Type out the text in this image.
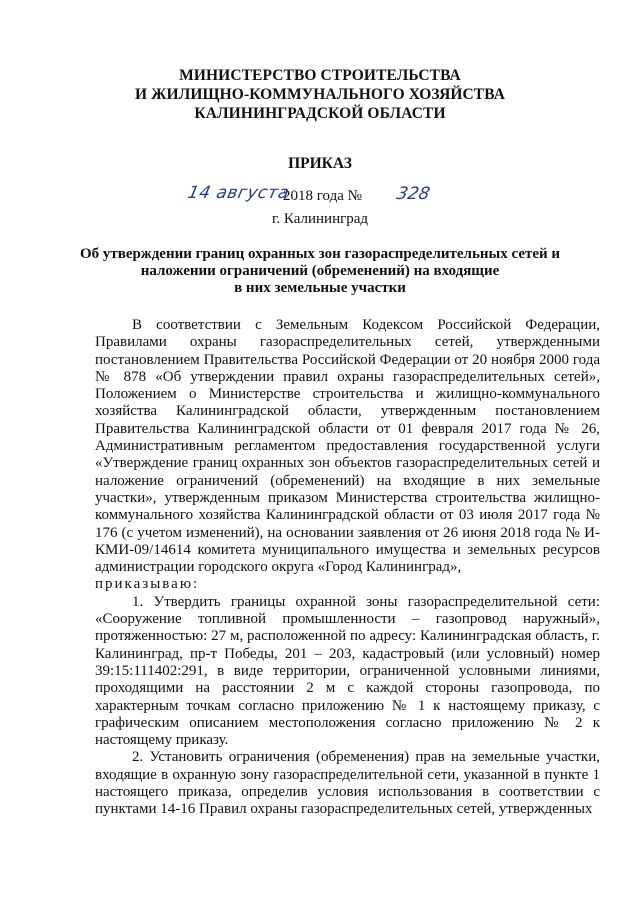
МИНИСТЕРСТВО СТРОИТЕЛЬСТВА
И ЖИЛИЩНО-КОММУНАЛЬНОГО ХОЗЯЙСТВА
КАЛИНИНГРАДСКОЙ ОБЛАСТИ
ПРИКАЗ
14 августа
2018 года № 328
г. Калининград
Об утверждении границ охранных зон газораспределительных сетей и
наложении ограничений (обременений) на входящие
в них земельные участки

В соответствии с Земельным Кодексом Российской Федерации, Правилами охраны газораспределительных сетей, утвержденными постановлением Правительства Российской Федерации от 20 ноября 2000 года № 878 «Об утверждении правил охраны газораспределительных сетей», Положением о Министерстве строительства и жилищно-коммунального хозяйства Калининградской области, утвержденным постановлением Правительства Калининградской области от 01 февраля 2017 года № 26, Административным регламентом предоставления государственной услуги «Утверждение границ охранных зон объектов газораспределительных сетей и наложение ограничений (обременений) на входящие в них земельные участки», утвержденным приказом Министерства строительства жилищно-коммунального хозяйства Калининградской области от 03 июля 2017 года № 176 (с учетом изменений), на основании заявления от 26 июня 2018 года № И-КМИ-09/14614 комитета муниципального имущества и земельных ресурсов администрации городского округа «Город Калининград»,
приказываю:

1. Утвердить границы охранной зоны газораспределительной сети: «Сооружение топливной промышленности – газопровод наружный», протяженностью: 27 м, расположенной по адресу: Калининградская область, г. Калининград, пр-т Победы, 201 – 203, кадастровый (или условный) номер 39:15:111402:291, в виде территории, ограниченной условными линиями, проходящими на расстоянии 2 м с каждой стороны газопровода, по характерным точкам согласно приложению № 1 к настоящему приказу, с графическим описанием местоположения согласно приложению № 2 к настоящему приказу.

2. Установить ограничения (обременения) прав на земельные участки, входящие в охранную зону газораспределительной сети, указанной в пункте 1 настоящего приказа, определив условия использования в соответствии с пунктами 14-16 Правил охраны газораспределительных сетей, утвержденных
